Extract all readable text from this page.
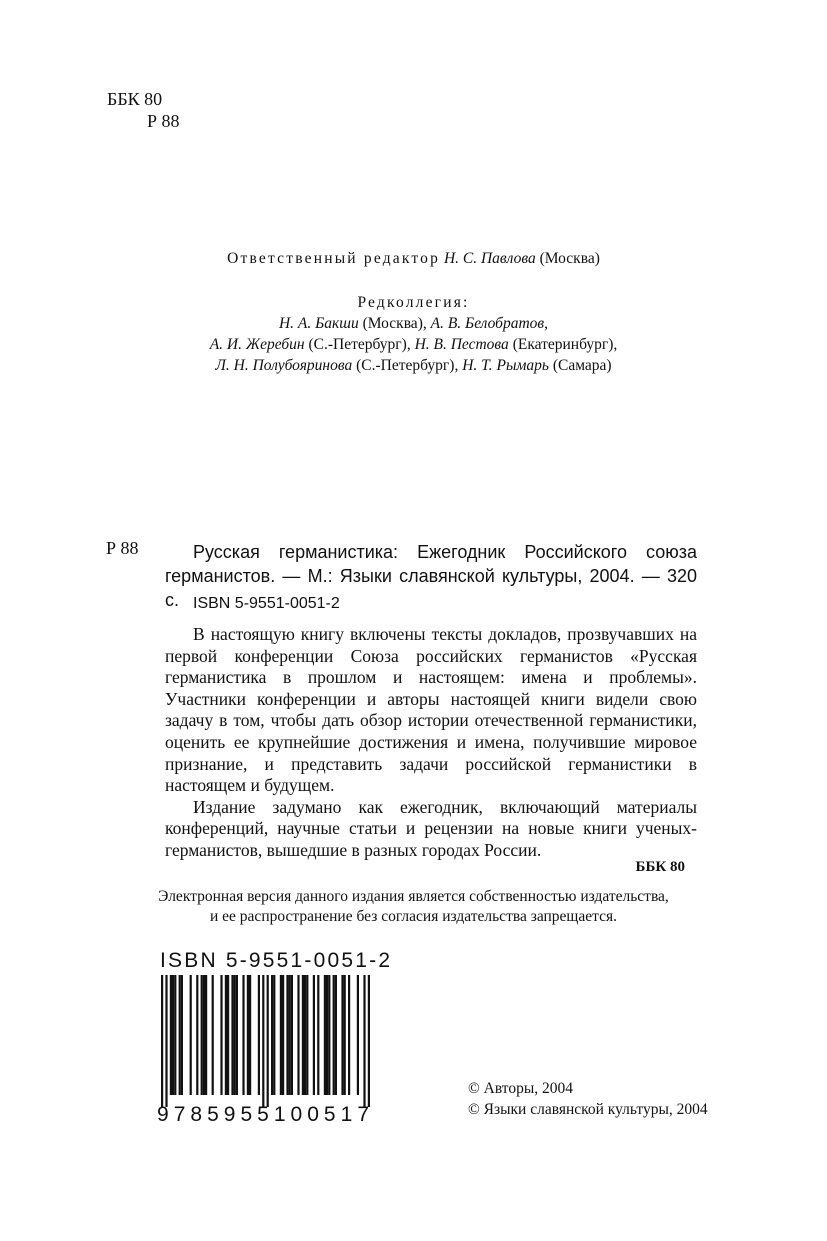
ББК 80
Р 88
Ответственный редактор Н. С. Павлова (Москва)
Редколлегия:
Н. А. Бакши (Москва), А. В. Белобратов,
А. И. Жеребин (С.-Петербург), Н. В. Пестова (Екатеринбург),
Л. Н. Полубояринова (С.-Петербург), Н. Т. Рымарь (Самара)
Р 88	Русская германистика: Ежегодник Российского союза германистов. — М.: Языки славянской культуры, 2004. — 320 с. ISBN 5-9551-0051-2

В настоящую книгу включены тексты докладов, прозвучавших на первой конференции Союза российских германистов «Русская германистика в прошлом и настоящем: имена и проблемы». Участники конференции и авторы настоящей книги видели свою задачу в том, чтобы дать обзор истории отечественной германистики, оценить ее крупнейшие достижения и имена, получившие мировое признание, и представить задачи российской германистики в настоящем и будущем.

Издание задумано как ежегодник, включающий материалы конференций, научные статьи и рецензии на новые книги ученых-германистов, вышедшие в разных городах России.

ББК 80
Электронная версия данного издания является собственностью издательства,
и ее распространение без согласия издательства запрещается.
ISBN 5-9551-0051-2
9785955100517
© Авторы, 2004
© Языки славянской культуры, 2004
